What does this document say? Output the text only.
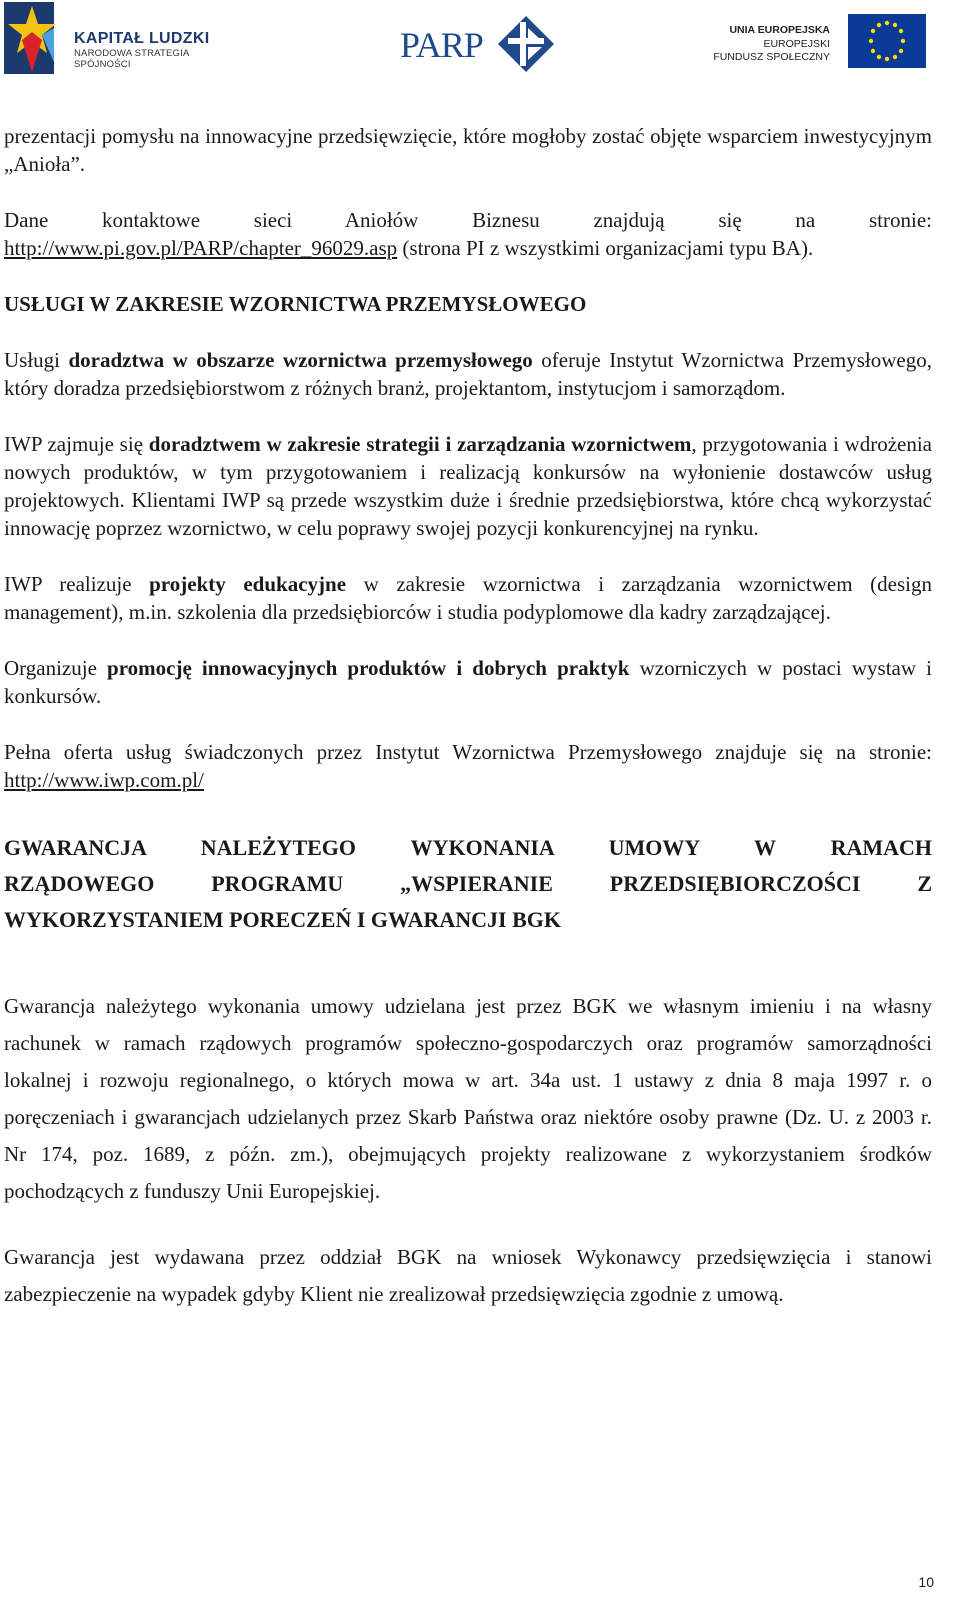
KAPITAŁ LUDZKI
NARODOWA STRATEGIA SPÓJNOŚCI	PARP	UNIA EUROPEJSKA
EUROPEJSKI
FUNDUSZ SPOŁECZNY

prezentacji pomysłu na innowacyjne przedsięwzięcie, które mogłoby zostać objęte wsparciem inwestycyjnym „Anioła”.

Dane kontaktowe sieci Aniołów Biznesu znajdują się na stronie: http://www.pi.gov.pl/PARP/chapter_96029.asp (strona PI z wszystkimi organizacjami typu BA).

USŁUGI W ZAKRESIE WZORNICTWA PRZEMYSŁOWEGO

Usługi doradztwa w obszarze wzornictwa przemysłowego oferuje Instytut Wzornictwa Przemysłowego, który doradza przedsiębiorstwom z różnych branż, projektantom, instytucjom i samorządom.

IWP zajmuje się doradztwem w zakresie strategii i zarządzania wzornictwem, przygotowania i wdrożenia nowych produktów, w tym przygotowaniem i realizacją konkursów na wyłonienie dostawców usług projektowych. Klientami IWP są przede wszystkim duże i średnie przedsiębiorstwa, które chcą wykorzystać innowację poprzez wzornictwo, w celu poprawy swojej pozycji konkurencyjnej na rynku.

IWP realizuje projekty edukacyjne w zakresie wzornictwa i zarządzania wzornictwem (design management), m.in. szkolenia dla przedsiębiorców i studia podyplomowe dla kadry zarządzającej.

Organizuje promocję innowacyjnych produktów i dobrych praktyk wzorniczych w postaci wystaw i konkursów.

Pełna oferta usług świadczonych przez Instytut Wzornictwa Przemysłowego znajduje się na stronie: http://www.iwp.com.pl/

GWARANCJA NALEŻYTEGO WYKONANIA UMOWY W RAMACH
RZĄDOWEGO PROGRAMU „WSPIERANIE PRZEDSIĘBIORCZOŚCI Z
WYKORZYSTANIEM PORECZEŃ I GWARANCJI BGK

Gwarancja należytego wykonania umowy udzielana jest przez BGK we własnym imieniu i na własny rachunek w ramach rządowych programów społeczno-gospodarczych oraz programów samorządności lokalnej i rozwoju regionalnego, o których mowa w art. 34a ust. 1 ustawy z dnia 8 maja 1997 r. o poręczeniach i gwarancjach udzielanych przez Skarb Państwa oraz niektóre osoby prawne (Dz. U. z 2003 r. Nr 174, poz. 1689, z późn. zm.), obejmujących projekty realizowane z wykorzystaniem środków pochodzących z funduszy Unii Europejskiej.

Gwarancja jest wydawana przez oddział BGK na wniosek Wykonawcy przedsięwzięcia i stanowi zabezpieczenie na wypadek gdyby Klient nie zrealizował przedsięwzięcia zgodnie z umową.

10
